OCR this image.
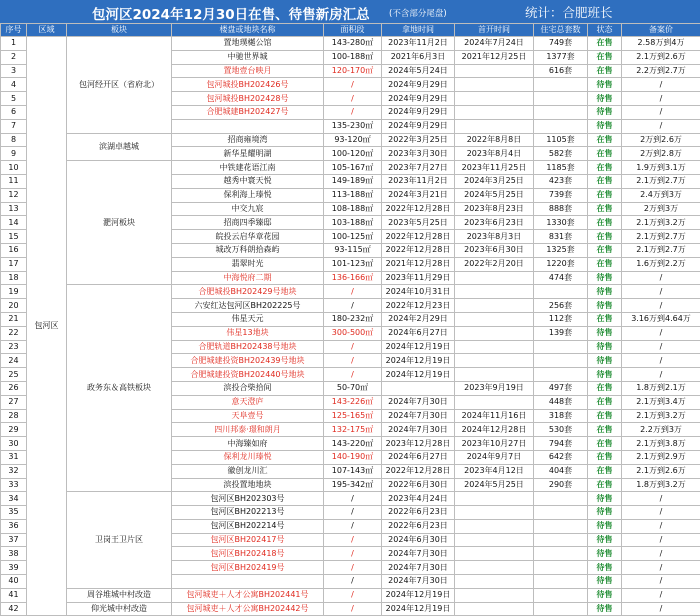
包河区2024年12月30日在售、待售新房汇总 (不含部分尾盘)	统计：合肥班长
序号	区域	板块	楼盘或地块名称	面积段	拿地时间	首开时间	住宅总套数	状态	备案价
1	包河区	包河经开区（省府北）	置地璞樾公馆	143-280㎡	2023年11月2日	2024年7月24日	749套	在售	2.58万到4万
2			中驰世界城	100-188㎡	2021年6月3日	2021年12月25日	1377套	在售	2.1万到2.6万
3			置地壹台映月	120-170㎡	2024年5月24日		616套	在售	2.2万到2.7万
4			包河城投BH202426号	/	2024年9月29日			待售	/
5			包河城投BH202428号	/	2024年9月29日			待售	/
6			合肥城建BH202427号	/	2024年9月29日			待售	/
7				135-230㎡	2024年9月29日			待售	/
8		滨湖卓越城	招商雍境湾	93-120㎡	2022年3月25日	2022年8月8日	1105套	在售	2万到2.6万
9			新华星耀明湖	100-120㎡	2023年3月30日	2023年8月4日	582套	在售	2万到2.8万
10		淝河板块	中铁建花语江南	105-167㎡	2023年7月27日	2023年11月25日	1185套	在售	1.9万到3.1万
11			越秀中寰天悦	149-189㎡	2023年11月2日	2024年3月25日	423套	在售	2.1万到2.7万
12			保利海上瑧悦	113-188㎡	2024年3月21日	2024年5月25日	739套	在售	2.4万到3万
13			中交九宸	108-188㎡	2022年12月28日	2023年8月23日	888套	在售	2万到3万
14			招商四季臻邸	103-188㎡	2023年5月25日	2023年6月23日	1330套	在售	2.1万到3.2万
15			皖投云启华章花园	100-125㎡	2022年12月28日	2023年8月3日	831套	在售	2.1万到2.7万
16			城改万科朗拾森屿	93-115㎡	2022年12月28日	2023年6月30日	1325套	在售	2.1万到2.7万
17			翡翠时光	101-123㎡	2021年12月28日	2022年2月20日	1220套	在售	1.6万到2.2万
18			中海悦府二期	136-166㎡	2023年11月29日		474套	待售	/
19		政务东＆高铁板块	合肥城投BH202429号地块	/	2024年10月31日			待售	/
20			六安红达包河区BH202225号	/	2022年12月23日		256套	待售	/
21			伟星天元	180-232㎡	2024年2月29日		112套	在售	3.16万到4.64万
22			伟星13地块	300-500㎡	2024年6月27日		139套	待售	/
23			合肥轨道BH202438号地块	/	2024年12月19日			待售	/
24			合肥城建投资BH202439号地块	/	2024年12月19日			待售	/
25			合肥城建投资BH202440号地块	/	2024年12月19日			待售	/
26			滨投合柴拾间	50-70㎡		2023年9月19日	497套	在售	1.8万到2.1万
27			意天澄庐	143-226㎡	2024年7月30日		448套	在售	2.1万到3.4万
28			天阜壹号	125-165㎡	2024年7月30日	2024年11月16日	318套	在售	2.1万到3.2万
29			四川邦泰·璟和朗月	132-175㎡	2024年7月30日	2024年12月28日	530套	在售	2.2万到3万
30			中海臻如府	143-220㎡	2023年12月28日	2023年10月27日	794套	在售	2.1万到3.8万
31			保利龙川瑧悦	140-190㎡	2024年6月27日	2024年9月7日	642套	在售	2.1万到2.9万
32			徽创龙川汇	107-143㎡	2022年12月28日	2023年4月12日	404套	在售	2.1万到2.6万
33			滨投置地地块	195-342㎡	2022年6月30日	2024年5月25日	290套	在售	1.8万到3.2万
34		卫岗王卫片区	包河区BH202303号	/	2023年4月24日			待售	/
35			包河区BH202213号	/	2022年6月23日			待售	/
36			包河区BH202214号	/	2022年6月23日			待售	/
37			包河区BH202417号	/	2024年6月30日			待售	/
38			包河区BH202418号	/	2024年7月30日			待售	/
39			包河区BH202419号	/	2024年7月30日			待售	/
40				/	2024年7月30日			待售	/
41		周谷堆城中村改造	包河城吏＋人才公寓BH202441号	/	2024年12月19日			待售	/
42		仰光城中村改造	包河城吏＋人才公寓BH202442号	/	2024年12月19日			待售	/
